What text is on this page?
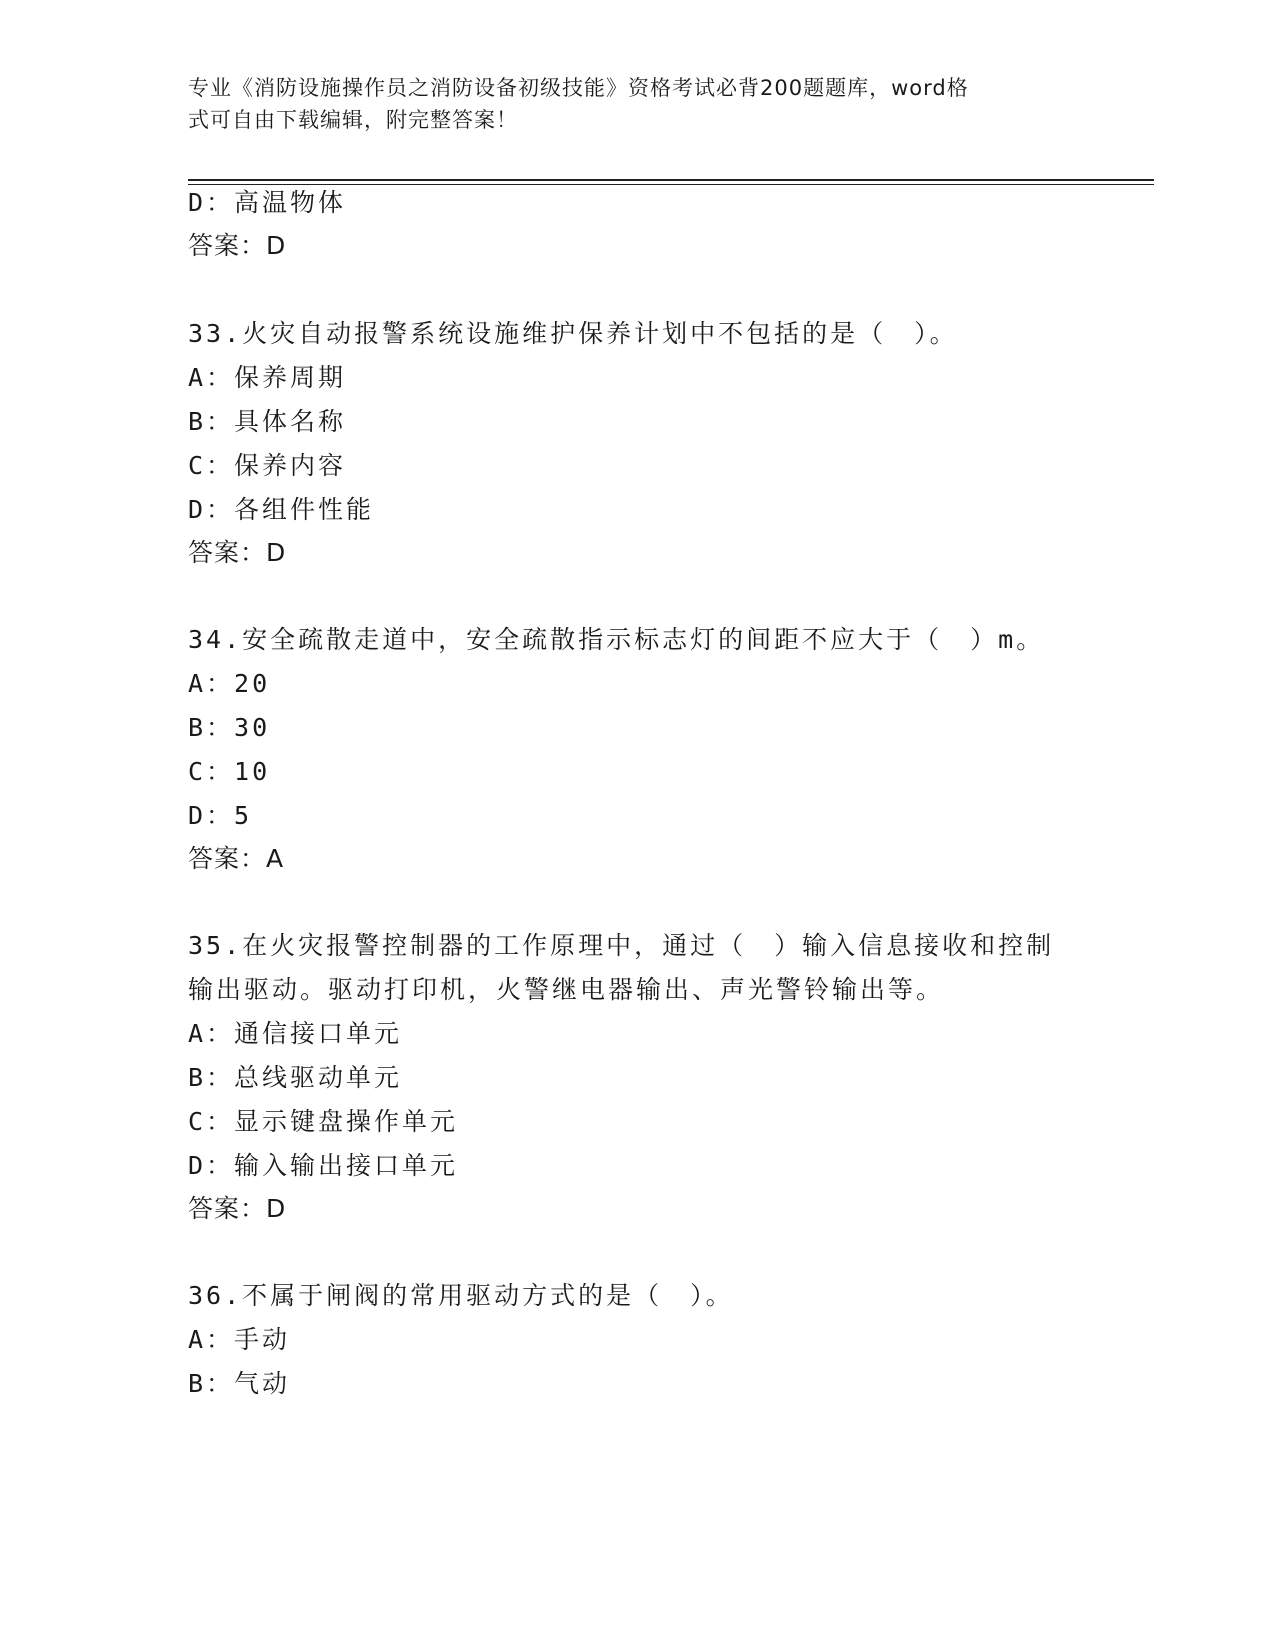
专业《消防设施操作员之消防设备初级技能》资格考试必背200题题库，word格
式可自由下载编辑，附完整答案！
D：高温物体
答案：D
33.火灾自动报警系统设施维护保养计划中不包括的是（　）。
A：保养周期
B：具体名称
C：保养内容
D：各组件性能
答案：D
34.安全疏散走道中，安全疏散指示标志灯的间距不应大于（　）m。
A：20
B：30
C：10
D：5
答案：A
35.在火灾报警控制器的工作原理中，通过（　）输入信息接收和控制
输出驱动。驱动打印机，火警继电器输出、声光警铃输出等。
A：通信接口单元
B：总线驱动单元
C：显示键盘操作单元
D：输入输出接口单元
答案：D
36.不属于闸阀的常用驱动方式的是（　）。
A：手动
B：气动
